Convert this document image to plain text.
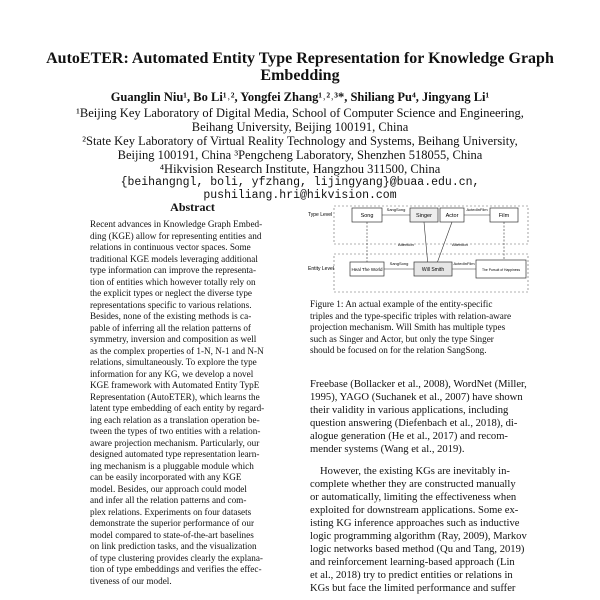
AutoETER: Automated Entity Type Representation for Knowledge Graph
Embedding
Guanglin Niu¹, Bo Li¹˒², Yongfei Zhang¹˒²˒³*, Shiliang Pu⁴, Jingyang Li¹
¹Beijing Key Laboratory of Digital Media, School of Computer Science and Engineering,
Beihang University, Beijing 100191, China
²State Key Laboratory of Virtual Reality Technology and Systems, Beihang University,
Beijing 100191, China ³Pengcheng Laboratory, Shenzhen 518055, China
⁴Hikvision Research Institute, Hangzhou 311500, China
{beihangngl, boli, yfzhang, lijingyang}@buaa.edu.cn, pushiliang.hri@hikvision.com
Abstract
Recent advances in Knowledge Graph Embed-
ding (KGE) allow for representing entities and
relations in continuous vector spaces. Some
traditional KGE models leveraging additional
type information can improve the representa-
tion of entities which however totally rely on
the explicit types or neglect the diverse type
representations specific to various relations.
Besides, none of the existing methods is ca-
pable of inferring all the relation patterns of
symmetry, inversion and composition as well
as the complex properties of 1-N, N-1 and N-N
relations, simultaneously. To explore the type
information for any KG, we develop a novel
KGE framework with Automated Entity TypE
Representation (AutoETER), which learns the
latent type embedding of each entity by regard-
ing each relation as a translation operation be-
tween the types of two entities with a relation-
aware projection mechanism. Particularly, our
designed automated type representation learn-
ing mechanism is a pluggable module which
can be easily incorporated with any KGE
model. Besides, our approach could model
and infer all the relation patterns and com-
plex relations. Experiments on four datasets
demonstrate the superior performance of our
model compared to state-of-the-art baselines
on link prediction tasks, and the visualization
of type clustering provides clearly the explana-
tion of type embeddings and verifies the effec-
tiveness of our model.
Type Level
Entity Level
Song	Singer Actor	Film
SangSong	ActedInFilm
Attention	Attention
Heal The World	Will Smith	The Pursuit of Happiness
SangSong	ActedInFilm
Figure 1: An actual example of the entity-specific
triples and the type-specific triples with relation-aware
projection mechanism. Will Smith has multiple types
such as Singer and Actor, but only the type Singer
should be focused on for the relation SangSong.
Freebase (Bollacker et al., 2008), WordNet (Miller,
1995), YAGO (Suchanek et al., 2007) have shown
their validity in various applications, including
question answering (Diefenbach et al., 2018), di-
alogue generation (He et al., 2017) and recom-
mender systems (Wang et al., 2019).
However, the existing KGs are inevitably in-
complete whether they are constructed manually
or automatically, limiting the effectiveness when
exploited for downstream applications. Some ex-
isting KG inference approaches such as inductive
logic programming algorithm (Ray, 2009), Markov
logic networks based method (Qu and Tang, 2019)
and reinforcement learning-based approach (Lin
et al., 2018) try to predict entities or relations in
KGs but face the limited performance and suffer
